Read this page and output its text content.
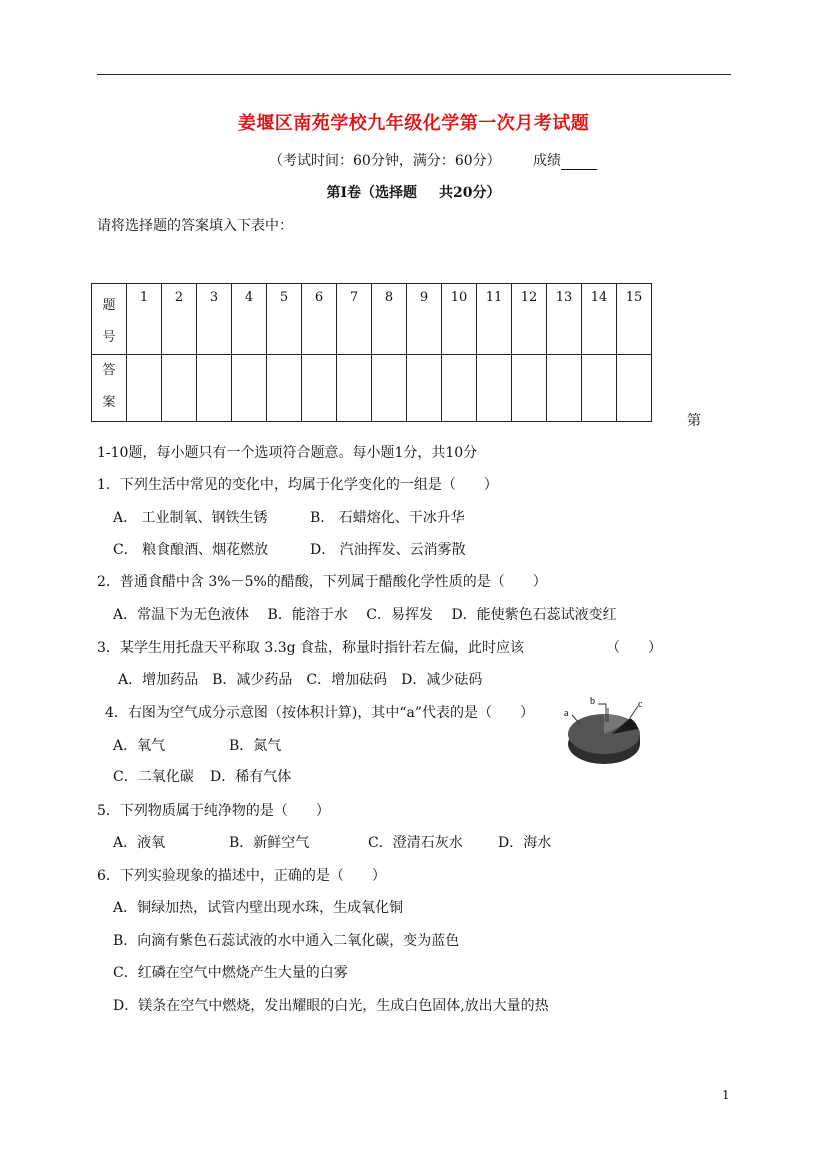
姜堰区南苑学校九年级化学第一次月考试题
（考试时间：60分钟，满分：60分） 成绩
第I卷（选择题 共20分）
请将选择题的答案填入下表中：
题
号	1	2	3	4	5	6	7	8	9	10	11	12	13	14	15

答
案															

第
1-10题，每小题只有一个选项符合题意。每小题1分，共10分
1．下列生活中常见的变化中，均属于化学变化的一组是（　　）
A． 工业制氧、钢铁生锈	B． 石蜡熔化、干冰升华
C． 粮食酿酒、烟花燃放	D． 汽油挥发、云消雾散
2．普通食醋中含 3%－5%的醋酸，下列属于醋酸化学性质的是（　　）
A．常温下为无色液体　 B．能溶于水　 C．易挥发　 D．能使紫色石蕊试液变红
3．某学生用托盘天平称取 3.3g 食盐，称量时指针若左偏，此时应该	（　　）
A．增加药品　B．减少药品　C．增加砝码　D．减少砝码
4．右图为空气成分示意图（按体积计算)，其中“a”代表的是（　　）
A．氧气	B．氮气
C．二氧化碳 D．稀有气体
a
b	c
5．下列物质属于纯净物的是（　　）
A．液氧	B．新鲜空气	C．澄清石灰水	D．海水
6．下列实验现象的描述中，正确的是（　　）
A．铜绿加热，试管内壁出现水珠，生成氧化铜
B．向滴有紫色石蕊试液的水中通入二氧化碳，变为蓝色
C．红磷在空气中燃烧产生大量的白雾
D．镁条在空气中燃烧，发出耀眼的白光，生成白色固体,放出大量的热
1
